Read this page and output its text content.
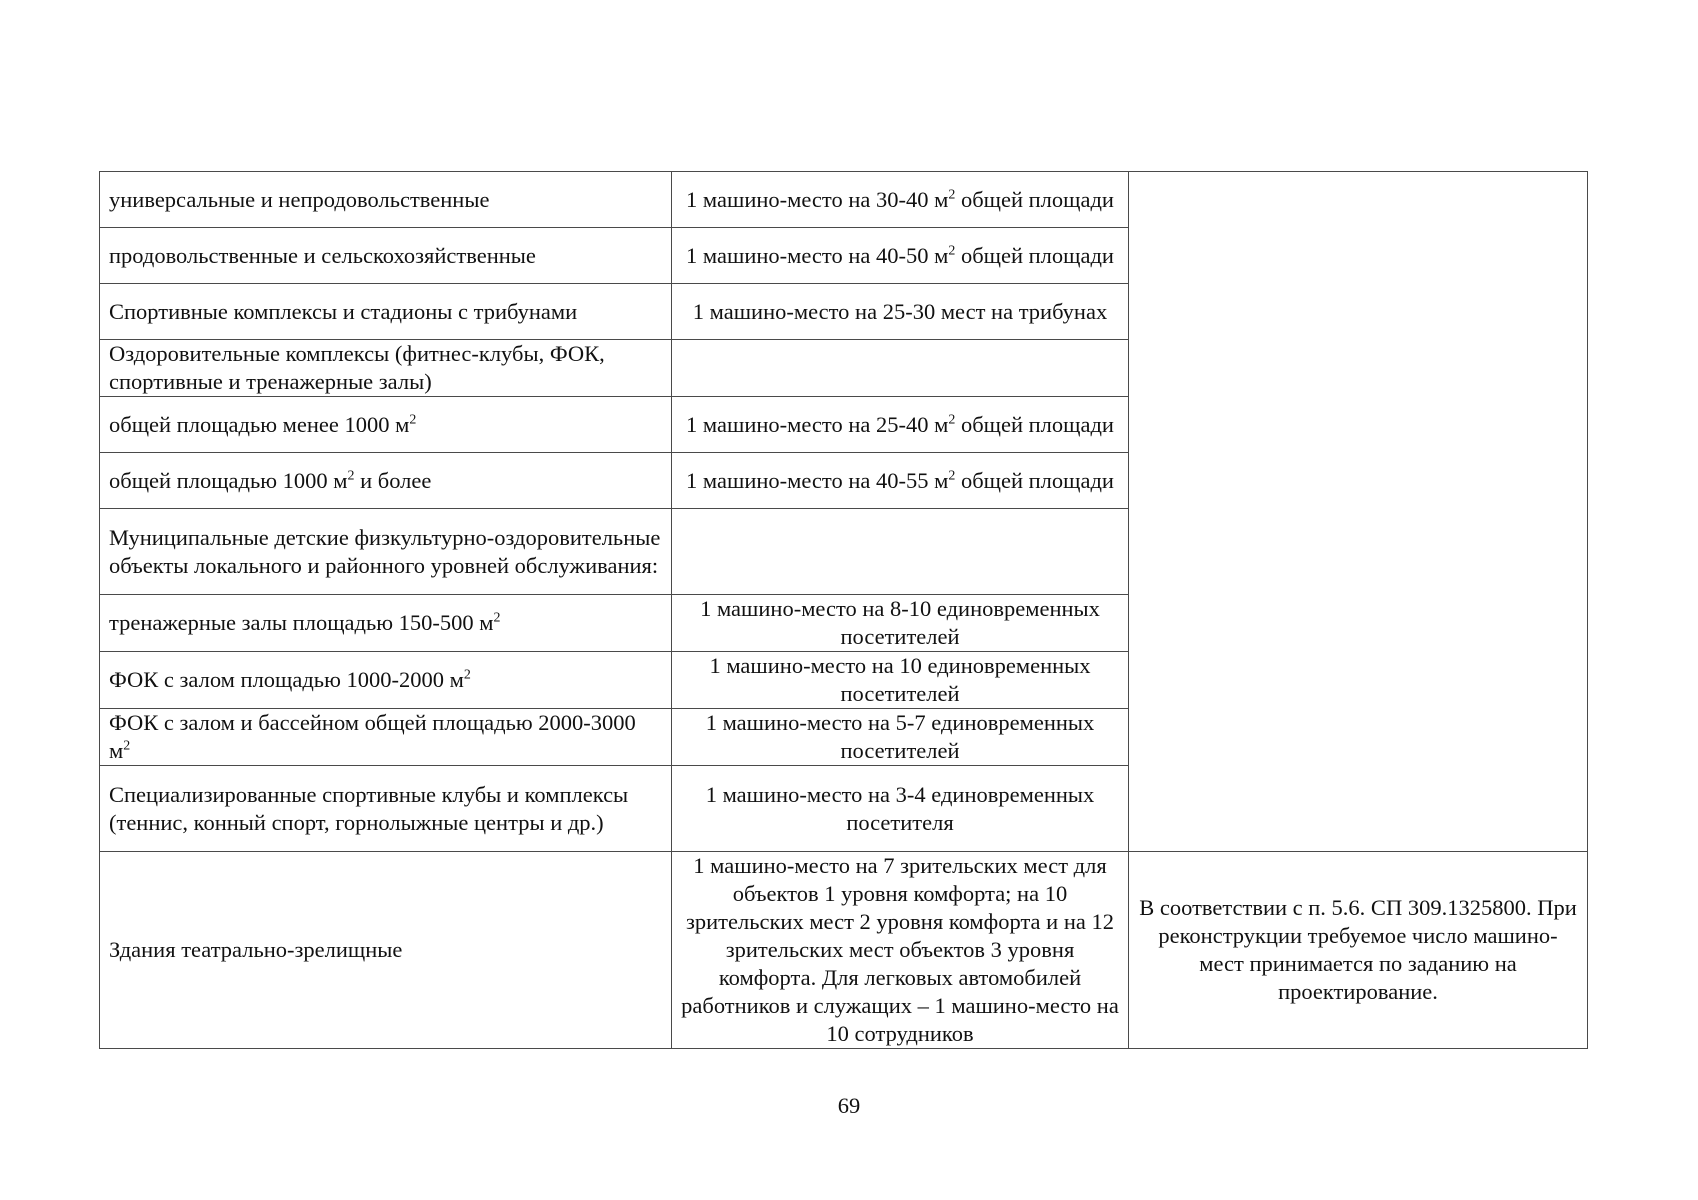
универсальные и непродовольственные	1 машино-место на 30-40 $м^2$ общей площади	
продовольственные и сельскохозяйственные	1 машино-место на 40-50 $м^2$ общей площади	
Спортивные комплексы и стадионы с трибунами	1 машино-место на 25-30 мест на трибунах	
Оздоровительные комплексы (фитнес-клубы, ФОК, спортивные и тренажерные залы)		
общей площадью менее 1000 $м^2$	1 машино-место на 25-40 $м^2$ общей площади	
общей площадью 1000 $м^2$ и более	1 машино-место на 40-55 $м^2$ общей площади	
Муниципальные детские физкультурно-оздоровительные объекты локального и районного уровней обслуживания:		
тренажерные залы площадью 150-500 $м^2$	1 машино-место на 8-10 единовременных посетителей	
ФОК с залом площадью 1000-2000 $м^2$	1 машино-место на 10 единовременных посетителей	
ФОК с залом и бассейном общей площадью 2000-3000 $м^2$	1 машино-место на 5-7 единовременных посетителей	
Специализированные спортивные клубы и комплексы (теннис, конный спорт, горнолыжные центры и др.)	1 машино-место на 3-4 единовременных посетителя	
Здания театрально-зрелищные	1 машино-место на 7 зрительских мест для объектов 1 уровня комфорта; на 10 зрительских мест 2 уровня комфорта и на 12 зрительских мест объектов 3 уровня комфорта. Для легковых автомобилей работников и служащих – 1 машино-место на 10 сотрудников	В соответствии с п. 5.6. СП 309.1325800. При реконструкции требуемое число машино-мест принимается по заданию на проектирование.
69
